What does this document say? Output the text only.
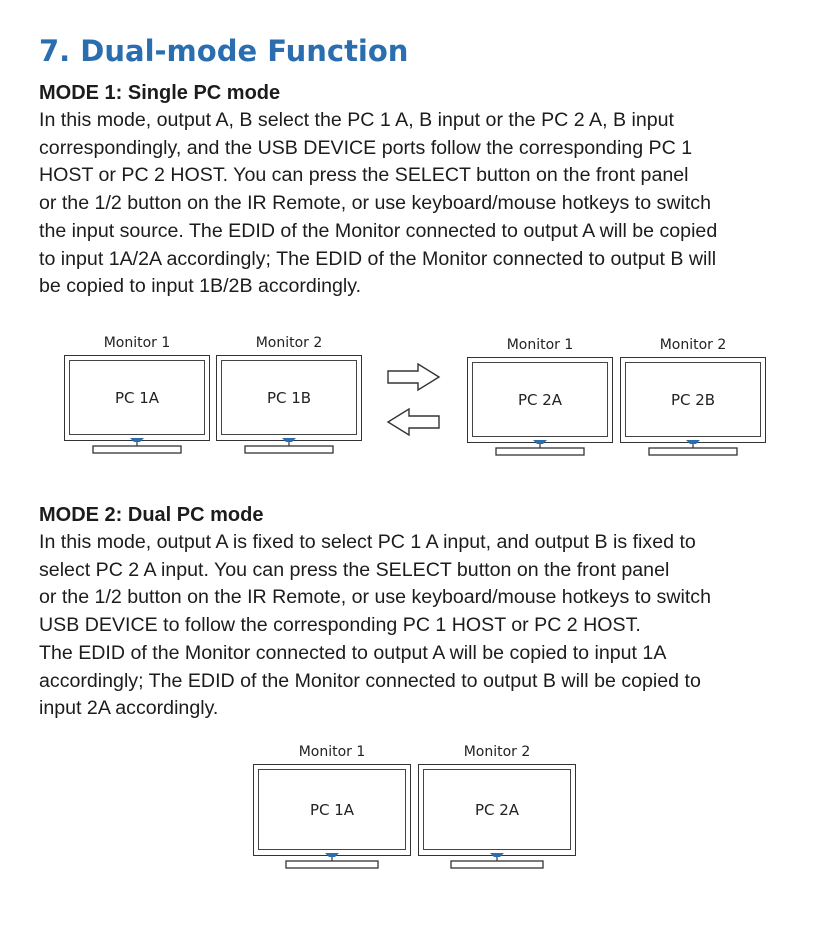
7. Dual-mode Function
MODE 1: Single PC mode
In this mode, output A, B select the PC 1 A, B input or the PC 2 A, B input
correspondingly, and the USB DEVICE ports follow the corresponding PC 1
HOST or PC 2 HOST. You can press the SELECT button on the front panel
or the 1/2 button on the IR Remote, or use keyboard/mouse hotkeys to switch
the input source. The EDID of the Monitor connected to output A will be copied
to input 1A/2A accordingly; The EDID of the Monitor connected to output B will
be copied to input 1B/2B accordingly.
Monitor 1
PC 1A
Monitor 2
PC 1B
Monitor 1
PC 2A
Monitor 2
PC 2B
MODE 2: Dual PC mode
In this mode, output A is fixed to select PC 1 A input, and output B is fixed to
select PC 2 A input. You can press the SELECT button on the front panel
or the 1/2 button on the IR Remote, or use keyboard/mouse hotkeys to switch
USB DEVICE to follow the corresponding PC 1 HOST or PC 2 HOST.
The EDID of the Monitor connected to output A will be copied to input 1A
accordingly; The EDID of the Monitor connected to output B will be copied to
input 2A accordingly.
Monitor 1
PC 1A
Monitor 2
PC 2A
